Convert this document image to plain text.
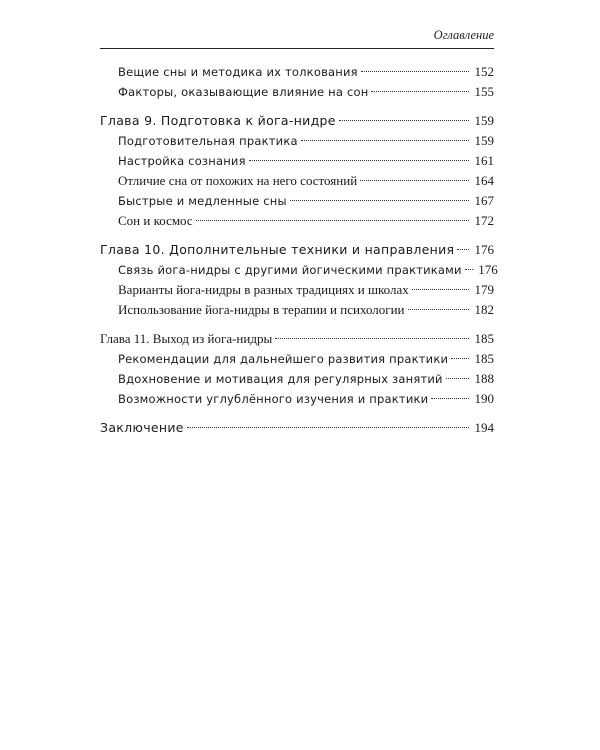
Оглавление
Вещие сны и методика их толкования	152
Факторы, оказывающие влияние на сон	155
Глава 9. Подготовка к йога-нидре	159
Подготовительная практика	159
Настройка сознания	161
Отличие сна от похожих на него состояний	164
Быстрые и медленные сны	167
Сон и космос	172
Глава 10. Дополнительные техники и направления 176
Связь йога-нидры с другими йогическими практиками 176
Варианты йога-нидры в разных традициях и школах	179
Использование йога-нидры в терапии и психологии	182
Глава 11. Выход из йога-нидры	185
Рекомендации для дальнейшего развития практики 185
Вдохновение и мотивация для регулярных занятий 188
Возможности углублённого изучения и практики	190
Заключение	194
